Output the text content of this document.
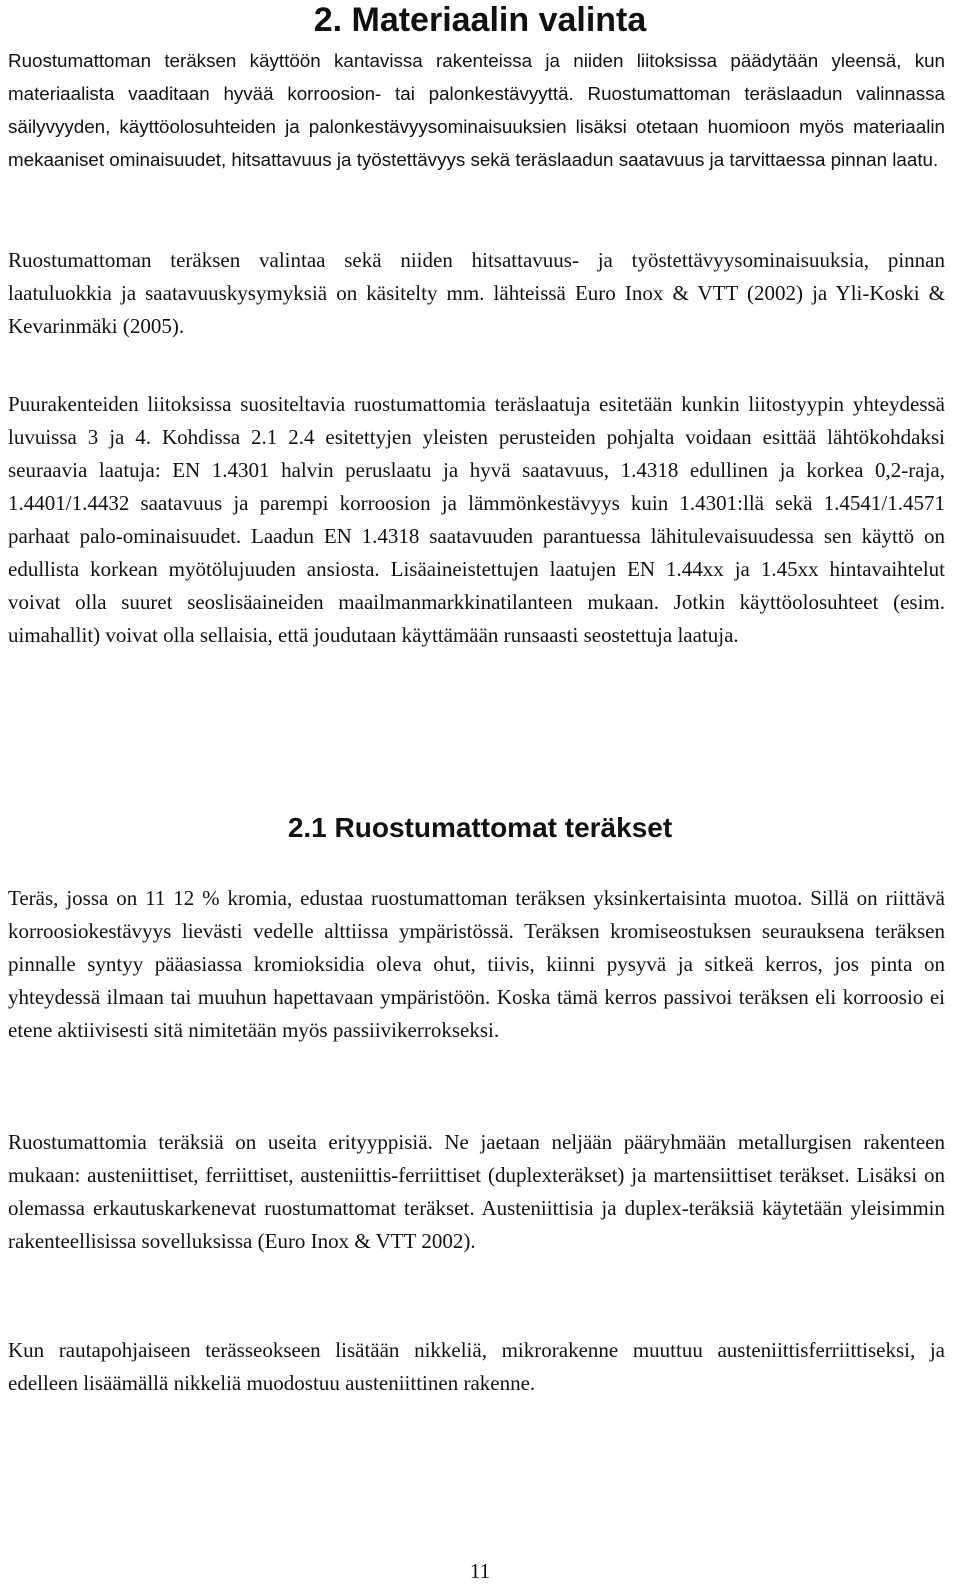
2. Materiaalin valinta

Ruostumattoman teräksen käyttöön kantavissa rakenteissa ja niiden liitoksissa päädytään yleensä, kun materiaalista vaaditaan hyvää korroosion- tai palonkestävyyttä. Ruostumattoman teräslaadun valinnassa säilyvyyden, käyttöolosuhteiden ja palonkestävyysominaisuuksien lisäksi otetaan huomioon myös materiaalin mekaaniset ominaisuudet, hitsattavuus ja työstettävyys sekä teräslaadun saatavuus ja tarvittaessa pinnan laatu.

Ruostumattoman teräksen valintaa sekä niiden hitsattavuus- ja työstettävyysominaisuuksia, pinnan laatuluokkia ja saatavuuskysymyksiä on käsitelty mm. lähteissä Euro Inox & VTT (2002) ja Yli-Koski & Kevarinmäki (2005).

Puurakenteiden liitoksissa suositeltavia ruostumattomia teräslaatuja esitetään kunkin liitostyypin yhteydessä luvuissa 3 ja 4. Kohdissa 2.1 2.4 esitettyjen yleisten perusteiden pohjalta voidaan esittää lähtökohdaksi seuraavia laatuja: EN 1.4301 halvin peruslaatu ja hyvä saatavuus, 1.4318 edullinen ja korkea 0,2-raja, 1.4401/1.4432 saatavuus ja parempi korroosion ja lämmönkestävyys kuin 1.4301:llä sekä 1.4541/1.4571 parhaat palo-ominaisuudet. Laadun EN 1.4318 saatavuuden parantuessa lähitulevaisuudessa sen käyttö on edullista korkean myötölujuuden ansiosta. Lisäaineistettujen laatujen EN 1.44xx ja 1.45xx hintavaihtelut voivat olla suuret seoslisäaineiden maailmanmarkkinatilanteen mukaan. Jotkin käyttöolosuhteet (esim. uimahallit) voivat olla sellaisia, että joudutaan käyttämään runsaasti seostettuja laatuja.

2.1 Ruostumattomat teräkset

Teräs, jossa on 11 12 % kromia, edustaa ruostumattoman teräksen yksinkertaisinta muotoa. Sillä on riittävä korroosiokestävyys lievästi vedelle alttiissa ympäristössä. Teräksen kromiseostuksen seurauksena teräksen pinnalle syntyy pääasiassa kromioksidia oleva ohut, tiivis, kiinni pysyvä ja sitkeä kerros, jos pinta on yhteydessä ilmaan tai muuhun hapettavaan ympäristöön. Koska tämä kerros passivoi teräksen eli korroosio ei etene aktiivisesti sitä nimitetään myös passiivikerrokseksi.

Ruostumattomia teräksiä on useita erityyppisiä. Ne jaetaan neljään pääryhmään metallurgisen rakenteen mukaan: austeniittiset, ferriittiset, austeniittis-ferriittiset (duplexteräkset) ja martensiittiset teräkset. Lisäksi on olemassa erkautuskarkenevat ruostumattomat teräkset. Austeniittisia ja duplex-teräksiä käytetään yleisimmin rakenteellisissa sovelluksissa (Euro Inox & VTT 2002).

Kun rautapohjaiseen terässeokseen lisätään nikkeliä, mikrorakenne muuttuu austeniittisferriittiseksi, ja edelleen lisäämällä nikkeliä muodostuu austeniittinen rakenne.

11
